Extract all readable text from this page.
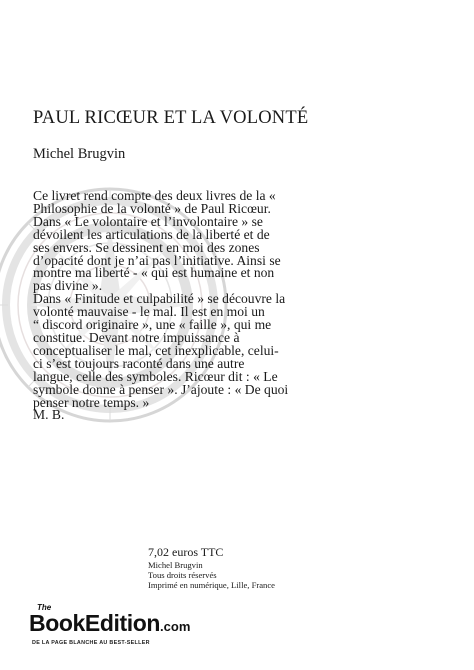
PAUL RICŒUR ET LA VOLONTÉ
Michel Brugvin
Ce livret rend compte des deux livres de la «
Philosophie de la volonté » de Paul Ricœur.
Dans « Le volontaire et l’involontaire » se
dévoilent les articulations de la liberté et de
ses envers. Se dessinent en moi des zones
d’opacité dont je n’ai pas l’initiative. Ainsi se
montre ma liberté - « qui est humaine et non
pas divine ».
Dans « Finitude et culpabilité » se découvre la
volonté mauvaise - le mal. Il est en moi un
“ discord originaire », une « faille », qui me
constitue. Devant notre impuissance à
conceptualiser le mal, cet inexplicable, celui-
ci s’est toujours raconté dans une autre
langue, celle des symboles. Ricœur dit : « Le
symbole donne à penser ». J’ajoute : « De quoi
penser notre temps. »
M. B.
7,02 euros TTC
Michel Brugvin
Tous droits réservés
Imprimé en numérique, Lille, France
The
BookEdition.com
DE LA PAGE BLANCHE AU BEST-SELLER
